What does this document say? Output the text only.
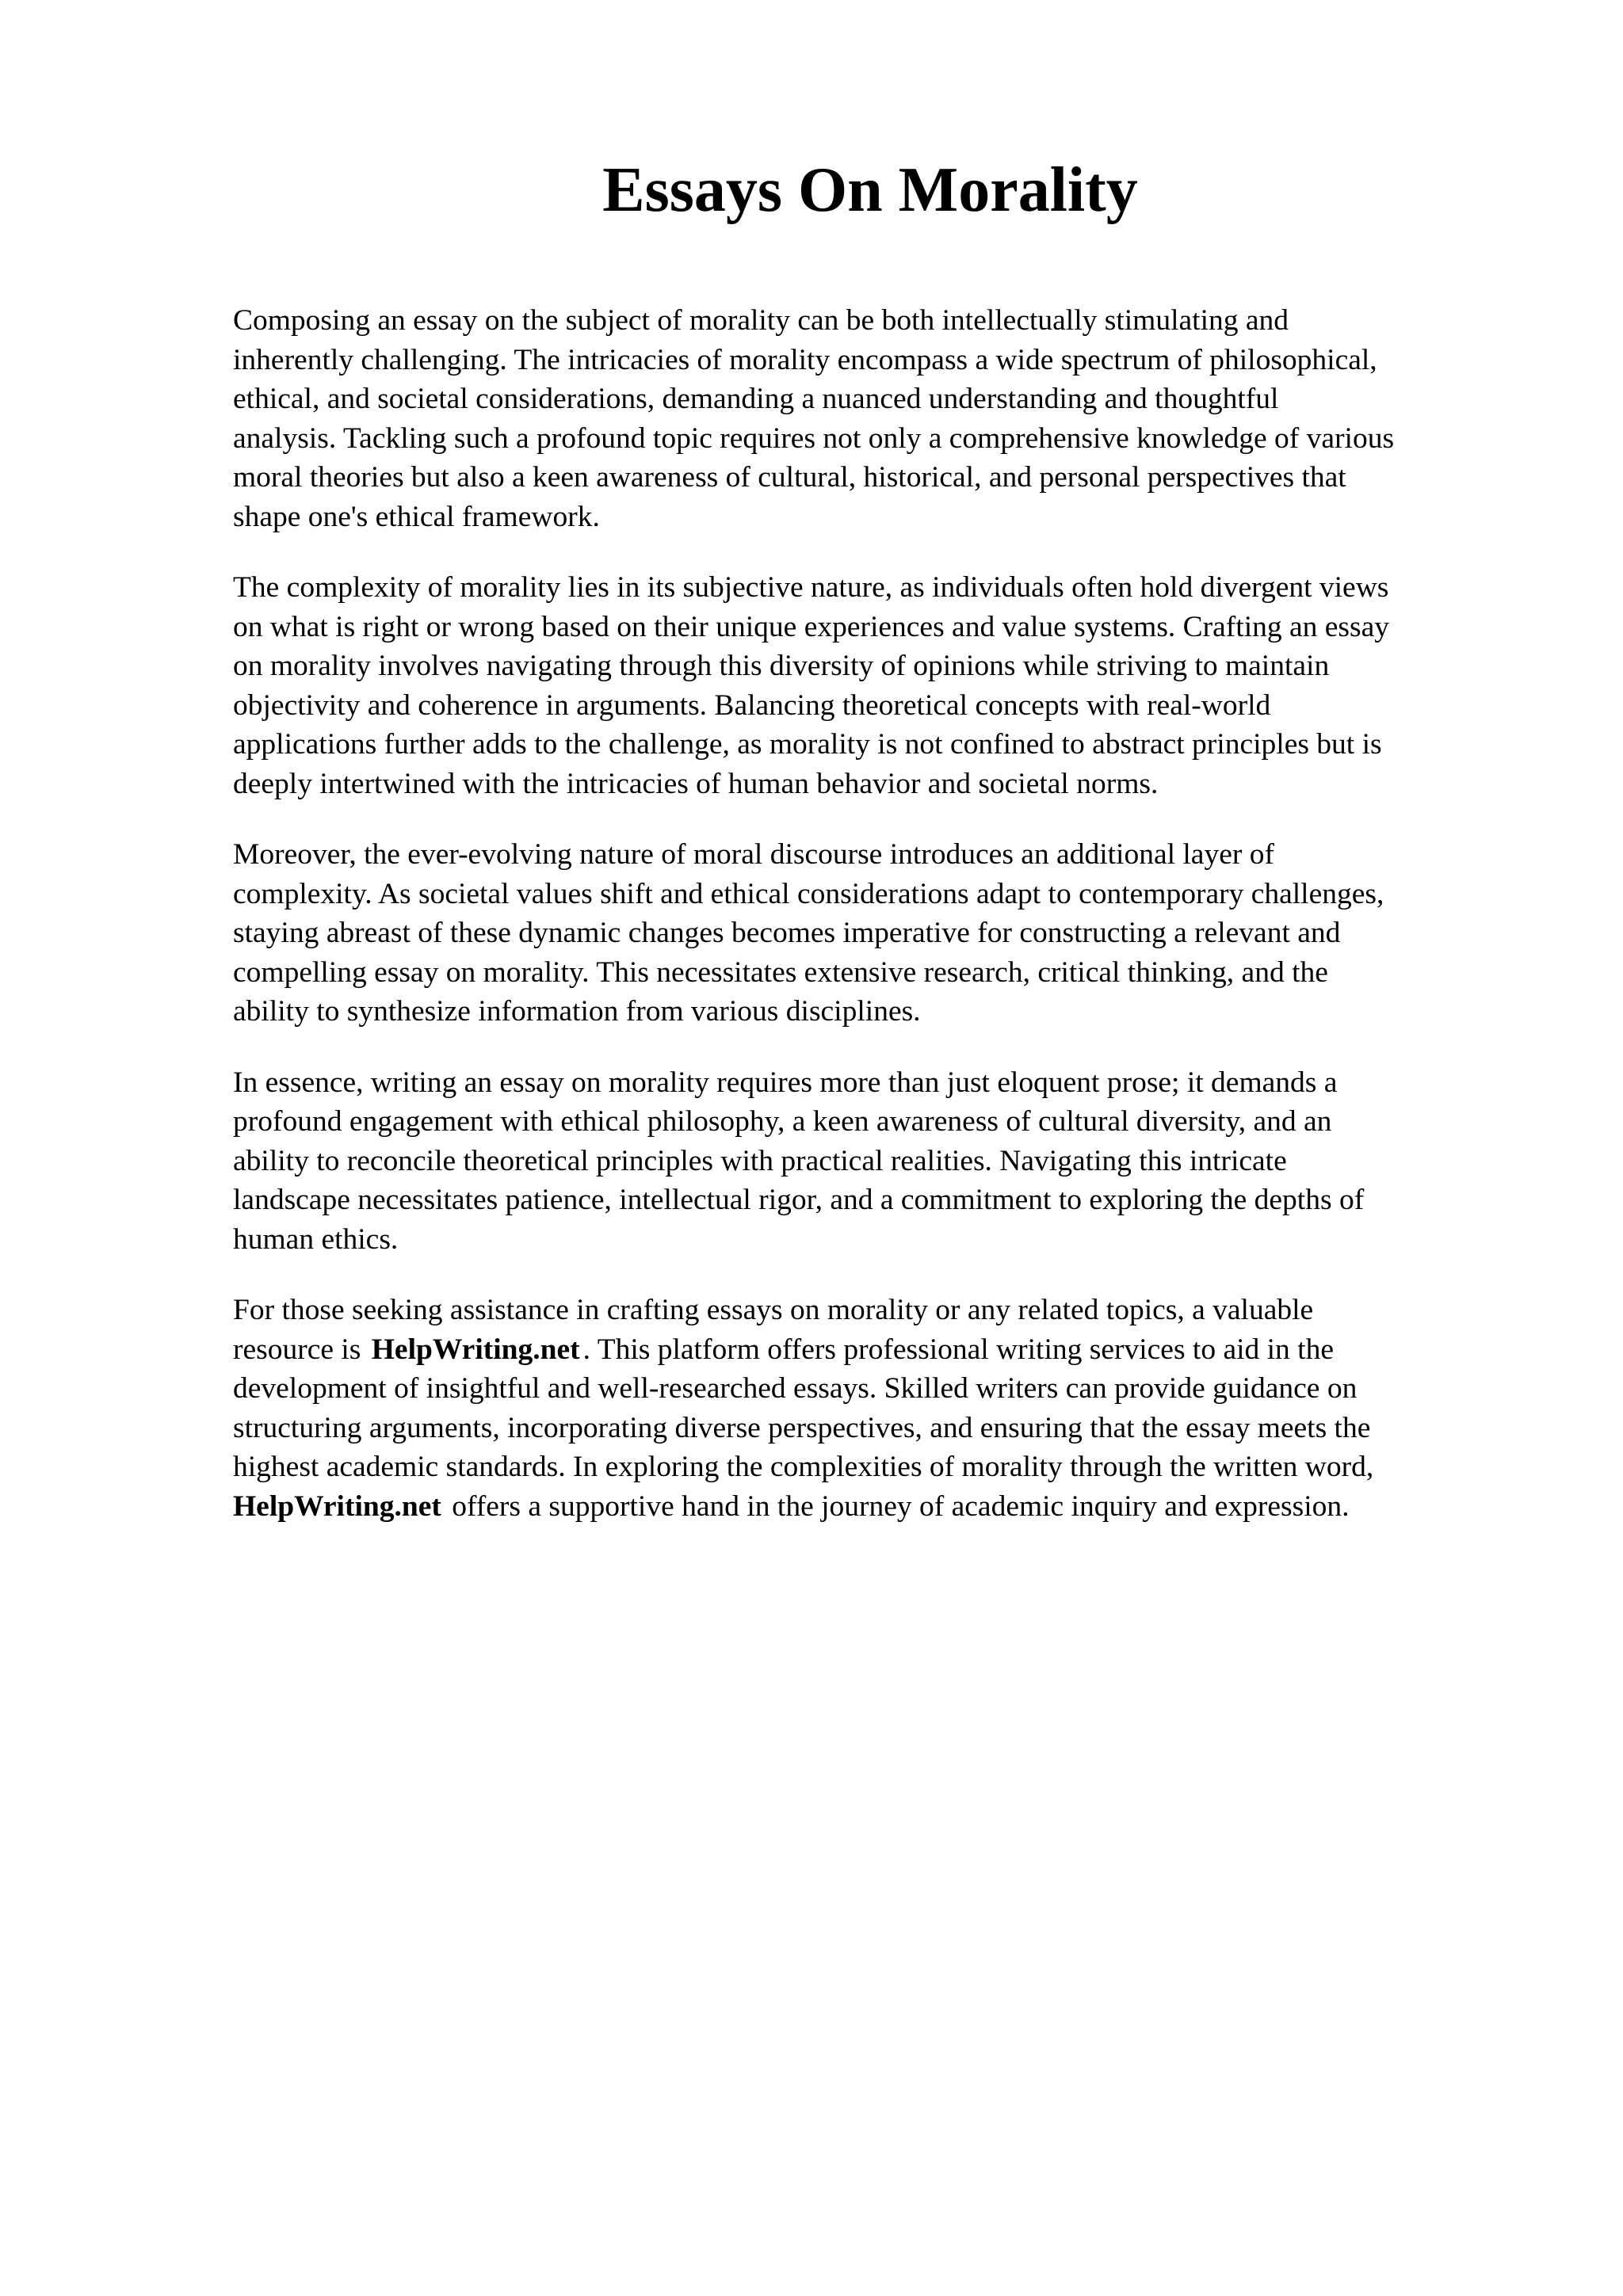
Essays On Morality

Composing an essay on the subject of morality can be both intellectually stimulating and
inherently challenging. The intricacies of morality encompass a wide spectrum of philosophical,
ethical, and societal considerations, demanding a nuanced understanding and thoughtful
analysis. Tackling such a profound topic requires not only a comprehensive knowledge of various
moral theories but also a keen awareness of cultural, historical, and personal perspectives that
shape one's ethical framework.

The complexity of morality lies in its subjective nature, as individuals often hold divergent views
on what is right or wrong based on their unique experiences and value systems. Crafting an essay
on morality involves navigating through this diversity of opinions while striving to maintain
objectivity and coherence in arguments. Balancing theoretical concepts with real-world
applications further adds to the challenge, as morality is not confined to abstract principles but is
deeply intertwined with the intricacies of human behavior and societal norms.

Moreover, the ever-evolving nature of moral discourse introduces an additional layer of
complexity. As societal values shift and ethical considerations adapt to contemporary challenges,
staying abreast of these dynamic changes becomes imperative for constructing a relevant and
compelling essay on morality. This necessitates extensive research, critical thinking, and the
ability to synthesize information from various disciplines.

In essence, writing an essay on morality requires more than just eloquent prose; it demands a
profound engagement with ethical philosophy, a keen awareness of cultural diversity, and an
ability to reconcile theoretical principles with practical realities. Navigating this intricate
landscape necessitates patience, intellectual rigor, and a commitment to exploring the depths of
human ethics.

For those seeking assistance in crafting essays on morality or any related topics, a valuable
resource is HelpWriting.net . This platform offers professional writing services to aid in the
development of insightful and well-researched essays. Skilled writers can provide guidance on
structuring arguments, incorporating diverse perspectives, and ensuring that the essay meets the
highest academic standards. In exploring the complexities of morality through the written word,
HelpWriting.net offers a supportive hand in the journey of academic inquiry and expression.
